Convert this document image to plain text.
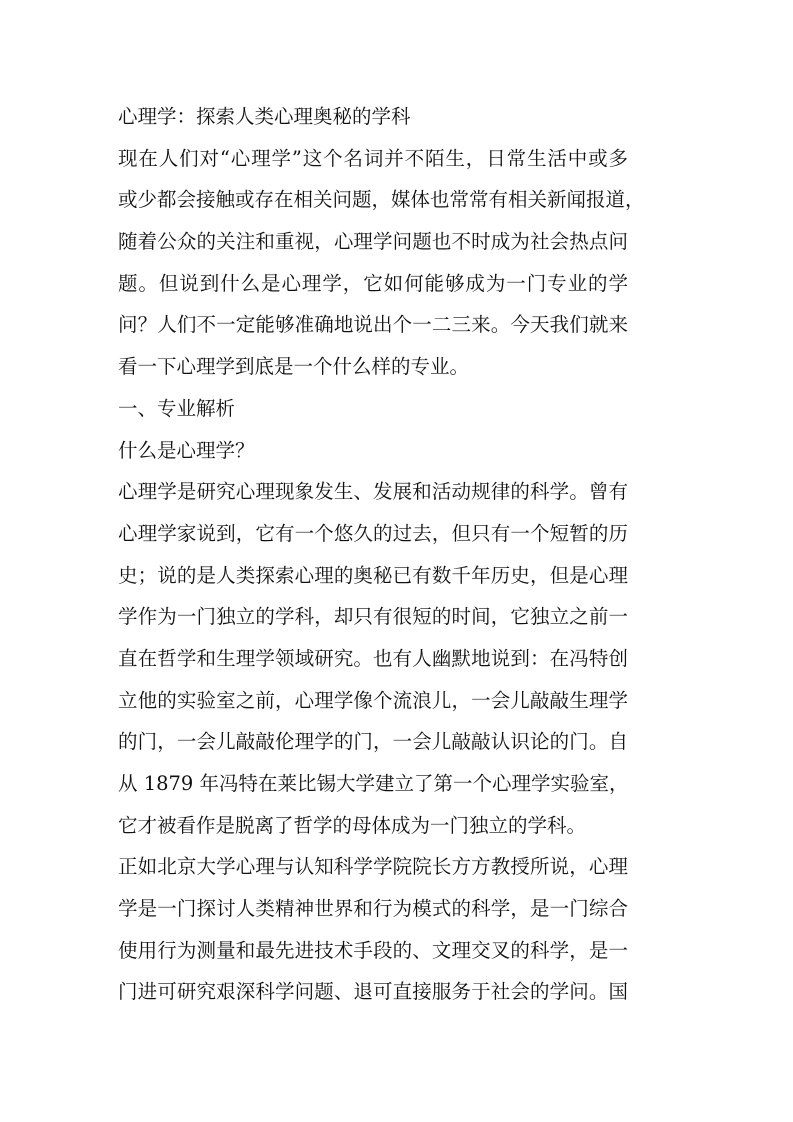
心理学：探索人类心理奥秘的学科
现在人们对“心理学”这个名词并不陌生，日常生活中或多
或少都会接触或存在相关问题，媒体也常常有相关新闻报道，
随着公众的关注和重视，心理学问题也不时成为社会热点问
题。但说到什么是心理学，它如何能够成为一门专业的学
问？人们不一定能够准确地说出个一二三来。今天我们就来
看一下心理学到底是一个什么样的专业。
一、专业解析
什么是心理学？
心理学是研究心理现象发生、发展和活动规律的科学。曾有
心理学家说到，它有一个悠久的过去，但只有一个短暂的历
史；说的是人类探索心理的奥秘已有数千年历史，但是心理
学作为一门独立的学科，却只有很短的时间，它独立之前一
直在哲学和生理学领域研究。也有人幽默地说到：在冯特创
立他的实验室之前，心理学像个流浪儿，一会儿敲敲生理学
的门，一会儿敲敲伦理学的门，一会儿敲敲认识论的门。自
从 1879 年冯特在莱比锡大学建立了第一个心理学实验室，
它才被看作是脱离了哲学的母体成为一门独立的学科。
正如北京大学心理与认知科学学院院长方方教授所说，心理
学是一门探讨人类精神世界和行为模式的科学，是一门综合
使用行为测量和最先进技术手段的、文理交叉的科学，是一
门进可研究艰深科学问题、退可直接服务于社会的学问。国
